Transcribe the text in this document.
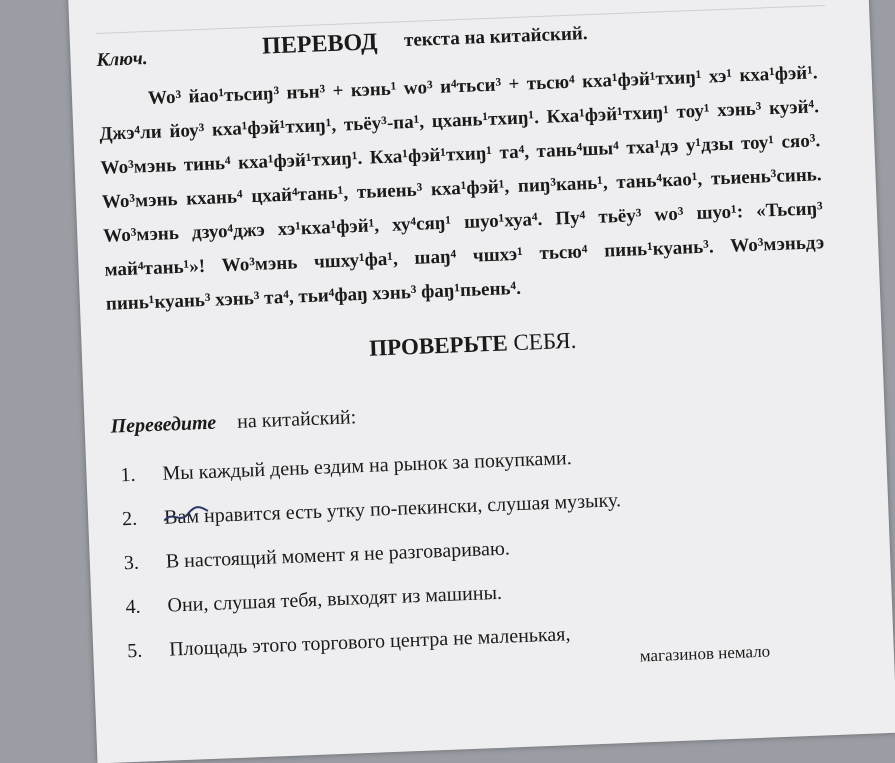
Ключ.	ПЕРЕВОД текста на китайский.
Wo³ йао¹тьсиŋ³ нън³ + кэнь¹ wo³ и⁴тьси³ + тьсю⁴ кха¹фэй¹тхиŋ¹ хэ¹ кха¹фэй¹. Джэ⁴ли йоу³ кха¹фэй¹тхиŋ¹, тьёу³-па¹, цхань¹тхиŋ¹. Кха¹фэй¹тхиŋ¹ тоу¹ хэнь³ куэй⁴. Wo³мэнь тинь⁴ кха¹фэй¹тхиŋ¹. Кха¹фэй¹тхиŋ¹ та⁴, тань⁴шы⁴ тха¹дэ у¹дзы тоу¹ сяо³. Wo³мэнь кхань⁴ цхай⁴тань¹, тьиень³ кха¹фэй¹, пиŋ³кань¹, тань⁴као¹, тьиень³синь. Wo³мэнь дзуо⁴джэ хэ¹кха¹фэй¹, ху⁴сяŋ¹ шуо¹хуа⁴. Пу⁴ тьёу³ wo³ шуо¹: «Тьсиŋ³ май⁴тань¹»! Wo³мэнь чшху¹фа¹, шаŋ⁴ чшхэ¹ тьсю⁴ пинь¹куань³. Wo³мэньдэ пинь¹куань³ хэнь³ та⁴, тьи⁴фаŋ хэнь³ фаŋ¹пьень⁴.
ПРОВЕРЬТЕ СЕБЯ.
Переведите на китайский:
1.	Мы каждый день ездим на рынок за покупками.
2.	Вам нравится есть утку по-пекински, слушая музыку.
3.	В настоящий момент я не разговариваю.
4.	Они, слушая тебя, выходят из машины.
5.	Площадь этого торгового центра не маленькая,	магазинов немалo
